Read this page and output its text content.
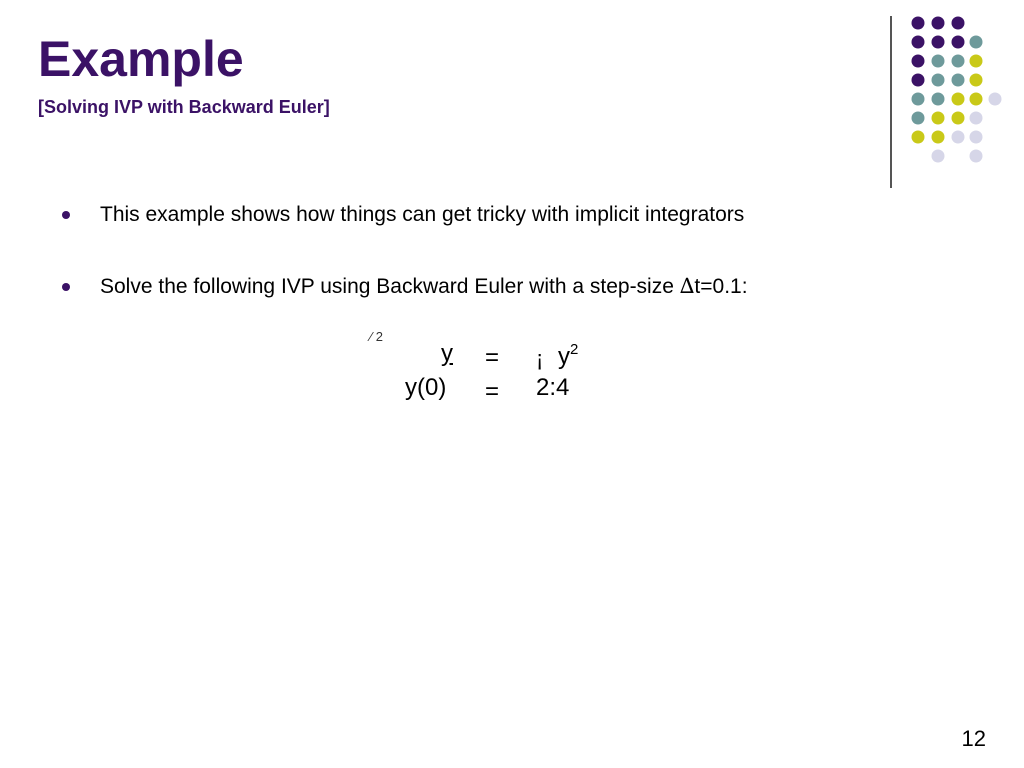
Example
[Solving IVP with Backward Euler]
This example shows how things can get tricky with implicit integrators
Solve the following IVP using Backward Euler with a step-size ∆t=0.1:
⁄ 2
y = ¡ $y^2$
y(0) = 2:4
12
